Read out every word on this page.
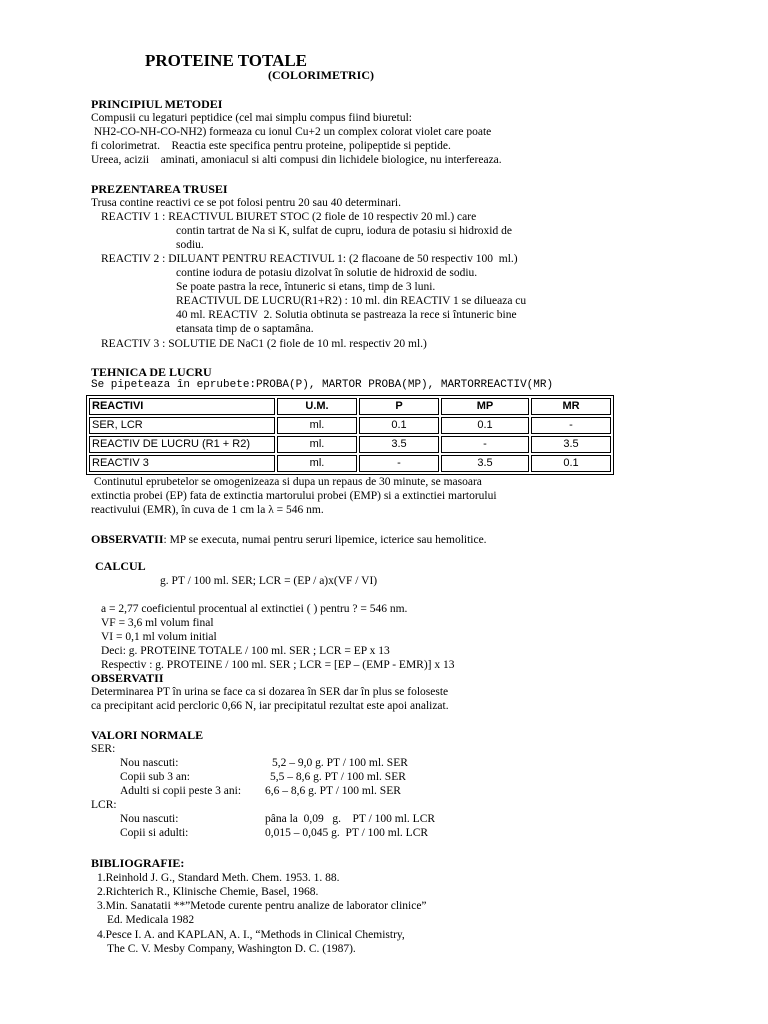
PROTEINE TOTALE
(COLORIMETRIC)
PRINCIPIUL METODEI
Compusii cu legaturi peptidice (cel mai simplu compus fiind biuretul:
NH2-CO-NH-CO-NH2) formeaza cu ionul Cu+2 un complex colorat violet care poate
fi colorimetrat.    Reactia este specifica pentru proteine, polipeptide si peptide.
Ureea, acizii    aminati, amoniacul si alti compusi din lichidele biologice, nu interfereaza.
PREZENTAREA TRUSEI
Trusa contine reactivi ce se pot folosi pentru 20 sau 40 determinari.
REACTIV 1 : REACTIVUL BIURET STOC (2 fiole de 10 respectiv 20 ml.) care
contin tartrat de Na si K, sulfat de cupru, iodura de potasiu si hidroxid de
sodiu.
REACTIV 2 : DILUANT PENTRU REACTIVUL 1: (2 flacoane de 50 respectiv 100  ml.)
contine iodura de potasiu dizolvat în solutie de hidroxid de sodiu.
Se poate pastra la rece, întuneric si etans, timp de 3 luni.
REACTIVUL DE LUCRU(R1+R2) : 10 ml. din REACTIV 1 se dilueaza cu
40 ml. REACTIV  2. Solutia obtinuta se pastreaza la rece si întuneric bine
etansata timp de o saptamâna.
REACTIV 3 : SOLUTIE DE NaC1 (2 fiole de 10 ml. respectiv 20 ml.)
TEHNICA DE LUCRU
Se pipeteaza în eprubete:PROBA(P), MARTOR PROBA(MP), MARTORREACTIV(MR)
REACTIVI	U.M.	P	MP	MR
SER, LCR	ml.	0.1	0.1	-
REACTIV DE LUCRU (R1 + R2)	ml.	3.5	-	3.5
REACTIV 3	ml.	-	3.5	0.1
Continutul eprubetelor se omogenizeaza si dupa un repaus de 30 minute, se masoara
extinctia probei (EP) fata de extinctia martorului probei (EMP) si a extinctiei martorului
reactivului (EMR), în cuva de 1 cm la λ = 546 nm.
OBSERVATII: MP se executa, numai pentru seruri lipemice, icterice sau hemolitice.
CALCUL
g. PT / 100 ml. SER; LCR = (EP / a)x(VF / VI)
a = 2,77 coeficientul procentual al extinctiei ( ) pentru ? = 546 nm.
VF = 3,6 ml volum final
VI = 0,1 ml volum initial
Deci: g. PROTEINE TOTALE / 100 ml. SER ; LCR = EP x 13
Respectiv : g. PROTEINE / 100 ml. SER ; LCR = [EP – (EMP - EMR)] x 13
OBSERVATII
Determinarea PT în urina se face ca si dozarea în SER dar în plus se foloseste
ca precipitant acid percloric 0,66 N, iar precipitatul rezultat este apoi analizat.
VALORI NORMALE
SER:
Nou nascuti:	5,2 – 9,0 g. PT / 100 ml. SER
Copii sub 3 an:	5,5 – 8,6 g. PT / 100 ml. SER
Adulti si copii peste 3 ani: 6,6 – 8,6 g. PT / 100 ml. SER
LCR:
Nou nascuti:	pâna la  0,09   g.    PT / 100 ml. LCR
Copii si adulti:	0,015 – 0,045 g.  PT / 100 ml. LCR
BIBLIOGRAFIE:
1.Reinhold J. G., Standard Meth. Chem. 1953. 1. 88.
2.Richterich R., Klinische Chemie, Basel, 1968.
3.Min. Sanatatii **”Metode curente pentru analize de laborator clinice”
Ed. Medicala 1982
4.Pesce I. A. and KAPLAN, A. I., “Methods in Clinical Chemistry,
The C. V. Mesby Company, Washington D. C. (1987).
